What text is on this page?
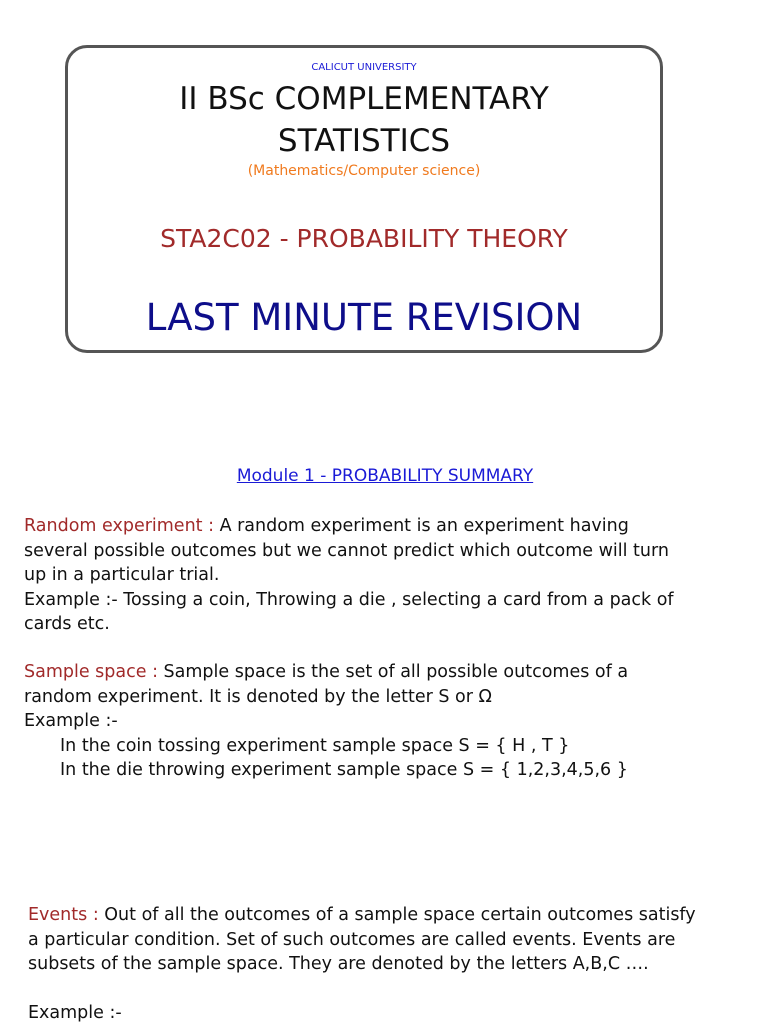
CALICUT UNIVERSITY
II BSc COMPLEMENTARY
STATISTICS
(Mathematics/Computer science)
STA2C02 - PROBABILITY THEORY
LAST MINUTE REVISION
Module 1 - PROBABILITY SUMMARY

Random experiment : A random experiment is an experiment having
several possible outcomes but we cannot predict which outcome will turn
up in a particular trial.
Example :- Tossing a coin, Throwing a die , selecting a card from a pack of
cards etc.

Sample space : Sample space is the set of all possible outcomes of a
random experiment. It is denoted by the letter S or Ω
Example :-
In the coin tossing experiment sample space S = { H , T }
In the die throwing experiment sample space S = { 1,2,3,4,5,6 }

Events : Out of all the outcomes of a sample space certain outcomes satisfy
a particular condition. Set of such outcomes are called events. Events are
subsets of the sample space. They are denoted by the letters A,B,C ….

Example :-
